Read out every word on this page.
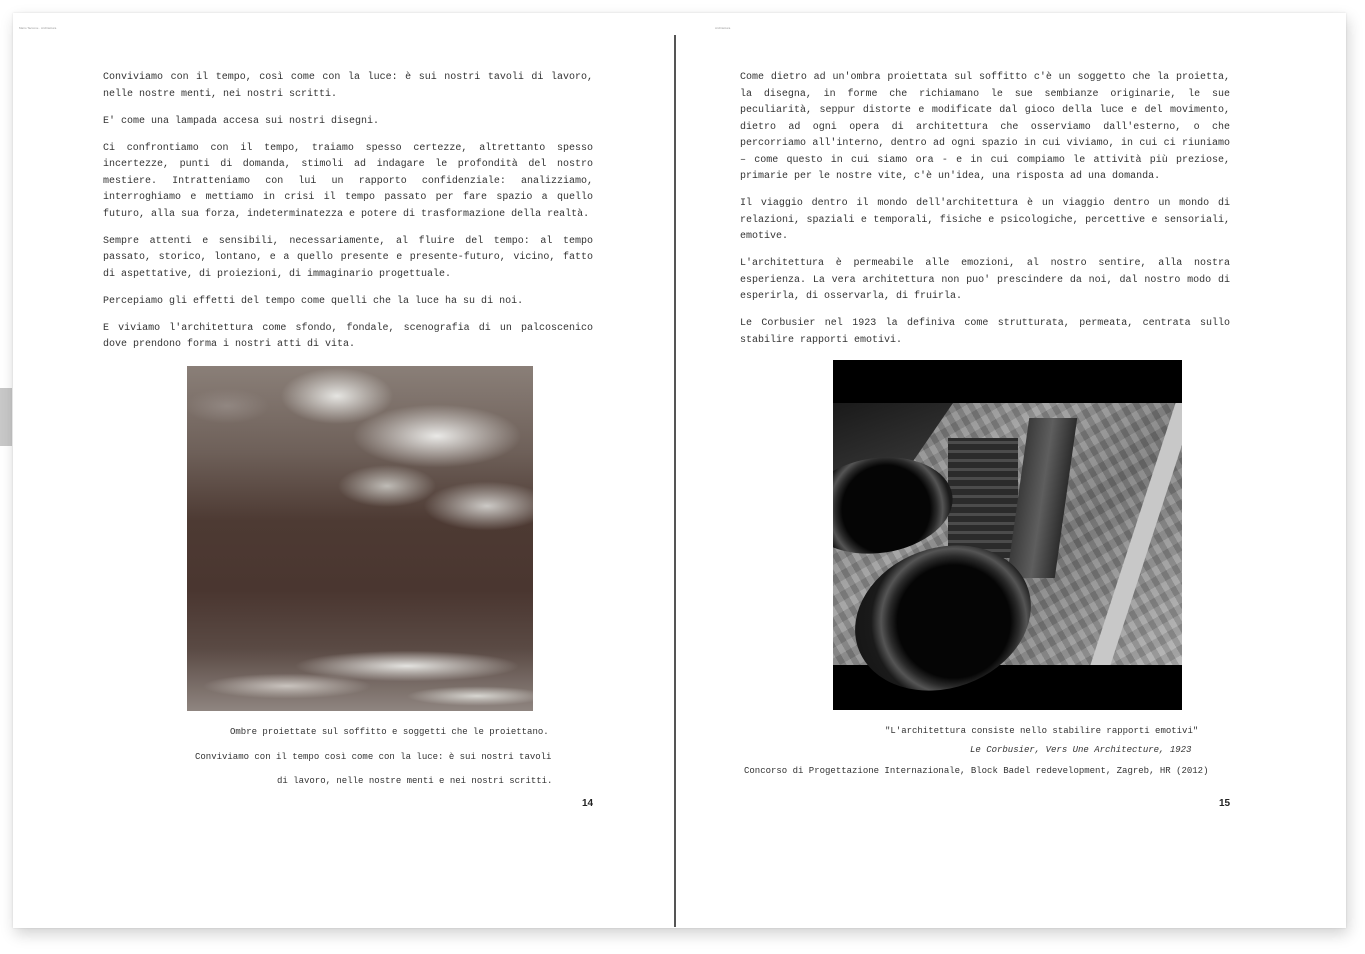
Mario Taccone · Architettura	Architettura

Conviviamo con il tempo, così come con la luce: è sui nostri tavoli di lavoro, nelle nostre menti, nei nostri scritti.

E' come una lampada accesa sui nostri disegni.

Ci confrontiamo con il tempo, traiamo spesso certezze, altrettanto spesso incertezze, punti di domanda, stimoli ad indagare le profondità del nostro mestiere. Intratteniamo con lui un rapporto confidenziale: analizziamo, interroghiamo e mettiamo in crisi il tempo passato per fare spazio a quello futuro, alla sua forza, indeterminatezza e potere di trasformazione della realtà.

Sempre attenti e sensibili, necessariamente, al fluire del tempo: al tempo passato, storico, lontano, e a quello presente e presente-futuro, vicino, fatto di aspettative, di proiezioni, di immaginario progettuale.

Percepiamo gli effetti del tempo come quelli che la luce ha su di noi.

E viviamo l'architettura come sfondo, fondale, scenografia di un palcoscenico dove prendono forma i nostri atti di vita.

Ombre proiettate sul soffitto e soggetti che le proiettano.
Conviviamo con il tempo così come con la luce: è sui nostri tavoli
di lavoro, nelle nostre menti e nei nostri scritti.
14

Come dietro ad un'ombra proiettata sul soffitto c'è un soggetto che la proietta, la disegna, in forme che richiamano le sue sembianze originarie, le sue peculiarità, seppur distorte e modificate dal gioco della luce e del movimento, dietro ad ogni opera di architettura che osserviamo dall'esterno, o che percorriamo all'interno, dentro ad ogni spazio in cui viviamo, in cui ci riuniamo – come questo in cui siamo ora - e in cui compiamo le attività più preziose, primarie per le nostre vite, c'è un'idea, una risposta ad una domanda.

Il viaggio dentro il mondo dell'architettura è un viaggio dentro un mondo di relazioni, spaziali e temporali, fisiche e psicologiche, percettive e sensoriali, emotive.

L'architettura è permeabile alle emozioni, al nostro sentire, alla nostra esperienza. La vera architettura non puo' prescindere da noi, dal nostro modo di esperirla, di osservarla, di fruirla.

Le Corbusier nel 1923 la definiva come strutturata, permeata, centrata sullo stabilire rapporti emotivi.

"L'architettura consiste nello stabilire rapporti emotivi"
Le Corbusier, Vers Une Architecture, 1923
Concorso di Progettazione Internazionale, Block Badel redevelopment, Zagreb, HR (2012)
15
